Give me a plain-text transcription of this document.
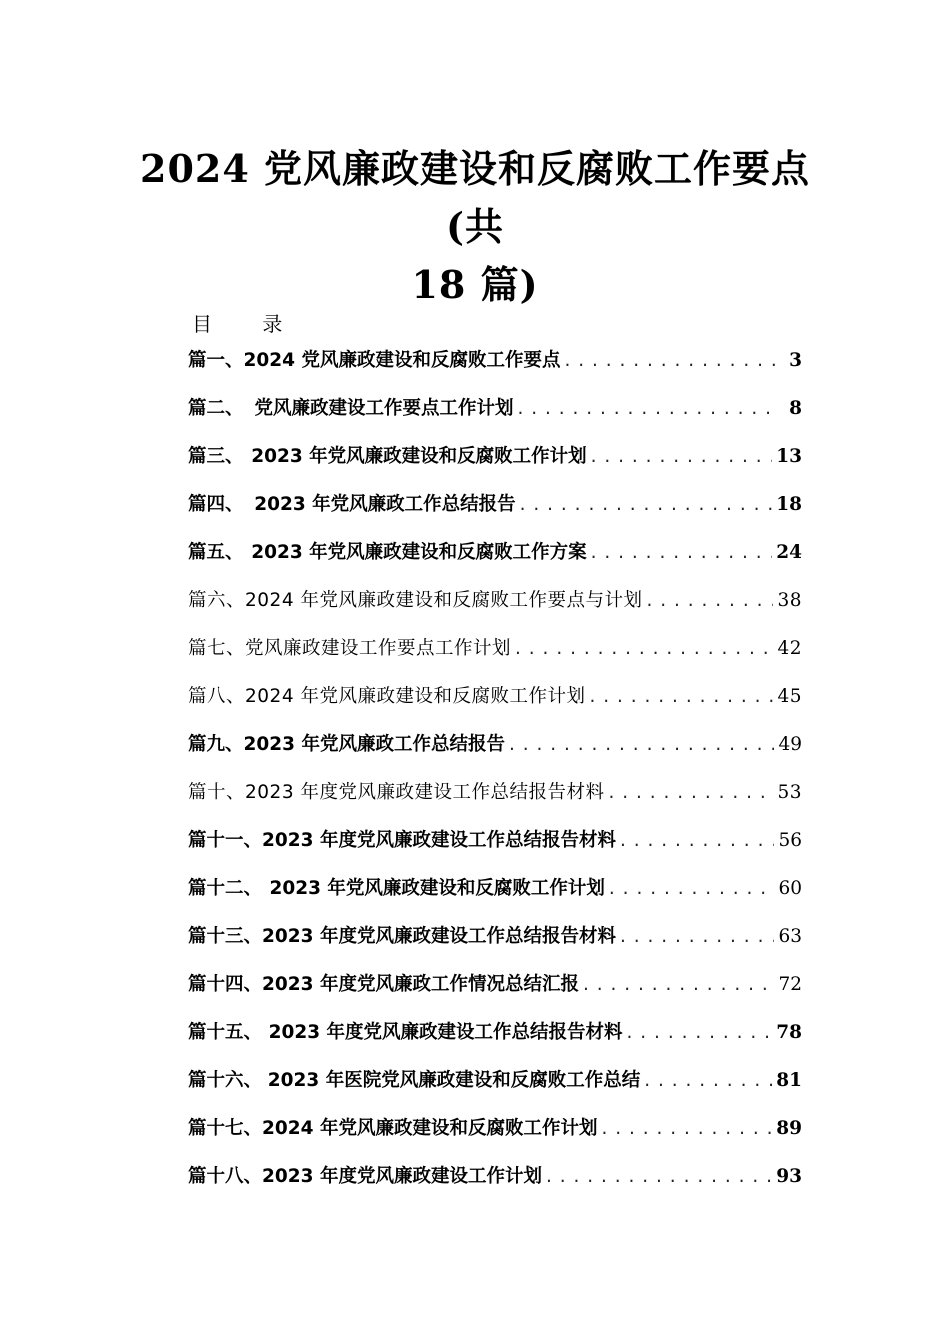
2024 党风廉政建设和反腐败工作要点(共
18 篇)
目 录
篇一、 2024 党风廉政建设和反腐败工作要点 . . .	3
篇二、 党风廉政建设工作要点工作计划 . . .	8
篇三、 2023 年党风廉政建设和反腐败工作计划 . . .	13
篇四、 2023 年党风廉政工作总结报告 . . .	18
篇五、 2023 年党风廉政建设和反腐败工作方案 . . .	24
篇六、 2024 年党风廉政建设和反腐败工作要点与计划 . . .	38
篇七、 党风廉政建设工作要点工作计划 . . .	42
篇八、 2024 年党风廉政建设和反腐败工作计划 . . .	45
篇九、 2023 年党风廉政工作总结报告 . . .	49
篇十、 2023 年度党风廉政建设工作总结报告材料 . . .	53
篇十一、 2023 年度党风廉政建设工作总结报告材料 . . .	56
篇十二、 2023 年党风廉政建设和反腐败工作计划 . . .	60
篇十三、 2023 年度党风廉政建设工作总结报告材料 . . .	63
篇十四、 2023 年度党风廉政工作情况总结汇报 . . .	72
篇十五、 2023 年度党风廉政建设工作总结报告材料 . . .	78
篇十六、 2023 年医院党风廉政建设和反腐败工作总结 . . .	81
篇十七、 2024 年党风廉政建设和反腐败工作计划 . . .	89
篇十八、 2023 年度党风廉政建设工作计划 . . .	93
